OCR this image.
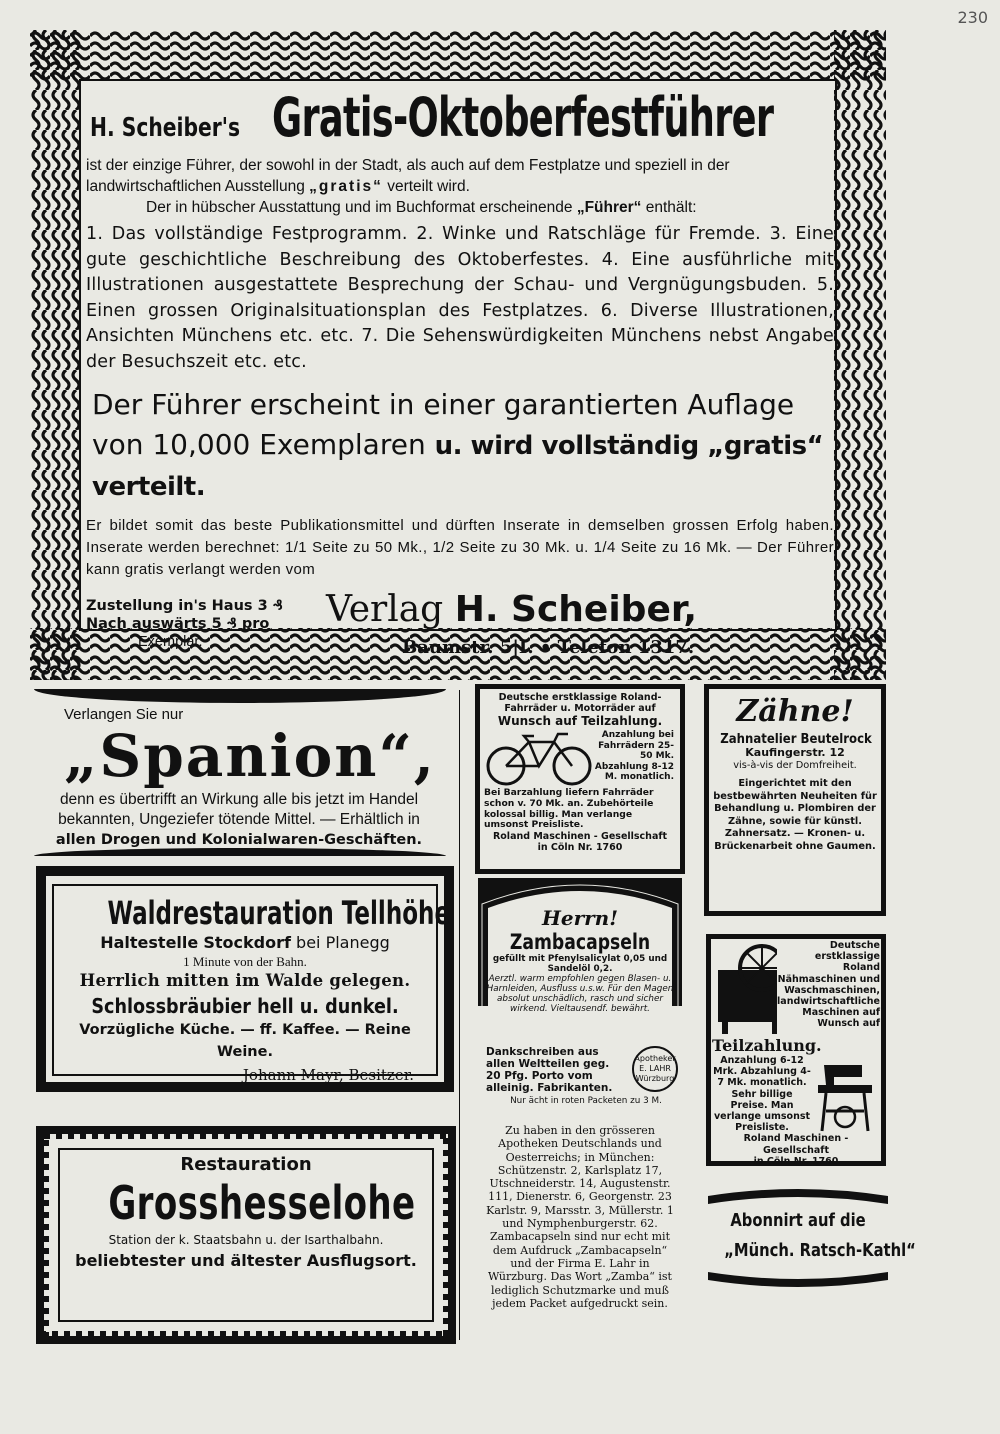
230
H. Scheiber's Gratis-Oktoberfestführer
ist der einzige Führer, der sowohl in der Stadt, als auch auf dem Festplatze und speziell in der landwirtschaftlichen Ausstellung „gratis“ verteilt wird.
Der in hübscher Ausstattung und im Buchformat erscheinende „Führer“ enthält:
1. Das vollständige Festprogramm. 2. Winke und Ratschläge für Fremde. 3. Eine gute geschichtliche Beschreibung des Oktoberfestes. 4. Eine ausführliche mit Illustrationen ausgestattete Besprechung der Schau- und Vergnügungsbuden. 5. Einen grossen Originalsituationsplan des Festplatzes. 6. Diverse Illustrationen, Ansichten Münchens etc. etc. 7. Die Sehenswürdigkeiten Münchens nebst Angabe der Besuchszeit etc. etc.
Der Führer erscheint in einer garantierten Auflage
von 10,000 Exemplaren u. wird vollständig „gratis“ verteilt.
Er bildet somit das beste Publikationsmittel und dürften Inserate in demselben grossen Erfolg haben. Inserate werden berechnet: 1/1 Seite zu 50 Mk., 1/2 Seite zu 30 Mk. u. 1/4 Seite zu 16 Mk. — Der Führer kann gratis verlangt werden vom
Zustellung in's Haus 3 ₰
Nach auswärts 5 ₰ pro
Exemplar.
Verlag H. Scheiber,
Baumstr. 5|I. • Telefon 1317.
Verlangen Sie nur
„Spanion“,
denn es übertrifft an Wirkung alle bis jetzt im Handel bekannten, Ungeziefer tötende Mittel. — Erhältlich in
allen Drogen und Kolonialwaren-Geschäften.
Waldrestauration Tellhöhe
Haltestelle Stockdorf bei Planegg
1 Minute von der Bahn.
Herrlich mitten im Walde gelegen.
Schlossbräubier hell u. dunkel.
Vorzügliche Küche. — ff. Kaffee. — Reine Weine.
Johann Mayr, Besitzer.
Restauration
Grosshesselohe
Station der k. Staatsbahn u. der Isarthalbahn.
beliebtester und ältester Ausflugsort.
Deutsche erstklassige Roland-
Fahrräder u. Motorräder auf
Wunsch auf Teilzahlung.
Anzahlung bei Fahrrädern 25-50 Mk. Abzahlung 8-12 M. monatlich.
Bei Barzahlung liefern Fahrräder schon v. 70 Mk. an. Zubehörteile kolossal billig. Man verlange umsonst Preisliste.
Roland Maschinen - Gesellschaft
in Cöln Nr. 1760
Zähne!
Zahnatelier Beutelrock
Kaufingerstr. 12
vis-à-vis der Domfreiheit.
Eingerichtet mit den bestbewährten Neuheiten für Behandlung u. Plombiren der Zähne, sowie für künstl. Zahnersatz. — Kronen- u. Brückenarbeit ohne Gaumen.
Herrn!
Zambacapseln
gefüllt mit Pfenylsalicylat 0,05 und Sandelöl 0,2.
Aerztl. warm empfohlen gegen Blasen- u. Harnleiden, Ausfluss u.s.w. Für den Magen absolut unschädlich, rasch und sicher wirkend. Vieltausendf. bewährt.
Dankschreiben aus allen Weltteilen geg. 20 Pfg. Porto vom alleinig. Fabrikanten.
Apotheker E. LAHR Würzburg
Nur ächt in roten Packeten zu 3 M.
Zu haben in den grösseren Apotheken Deutschlands und Oesterreichs; in München: Schützenstr. 2, Karlsplatz 17, Utschneiderstr. 14, Augustenstr. 111, Dienerstr. 6, Georgenstr. 23 Karlstr. 9, Marsstr. 3, Müllerstr. 1 und Nymphenburgerstr. 62. Zambacapseln sind nur echt mit dem Aufdruck „Zambacapseln“ und der Firma E. Lahr in Würzburg. Das Wort „Zamba“ ist lediglich Schutzmarke und muß jedem Packet aufgedruckt sein.
Deutsche erstklassige Roland Nähmaschinen und Waschmaschinen, landwirtschaftliche Maschinen auf Wunsch auf
Teilzahlung.
Anzahlung 6-12 Mrk. Abzahlung 4-7 Mk. monatlich. Sehr billige Preise. Man verlange umsonst Preisliste.
Roland Maschinen - Gesellschaft
in Cöln Nr. 1760
Abonnirt auf die
„Münch. Ratsch-Kathl“
